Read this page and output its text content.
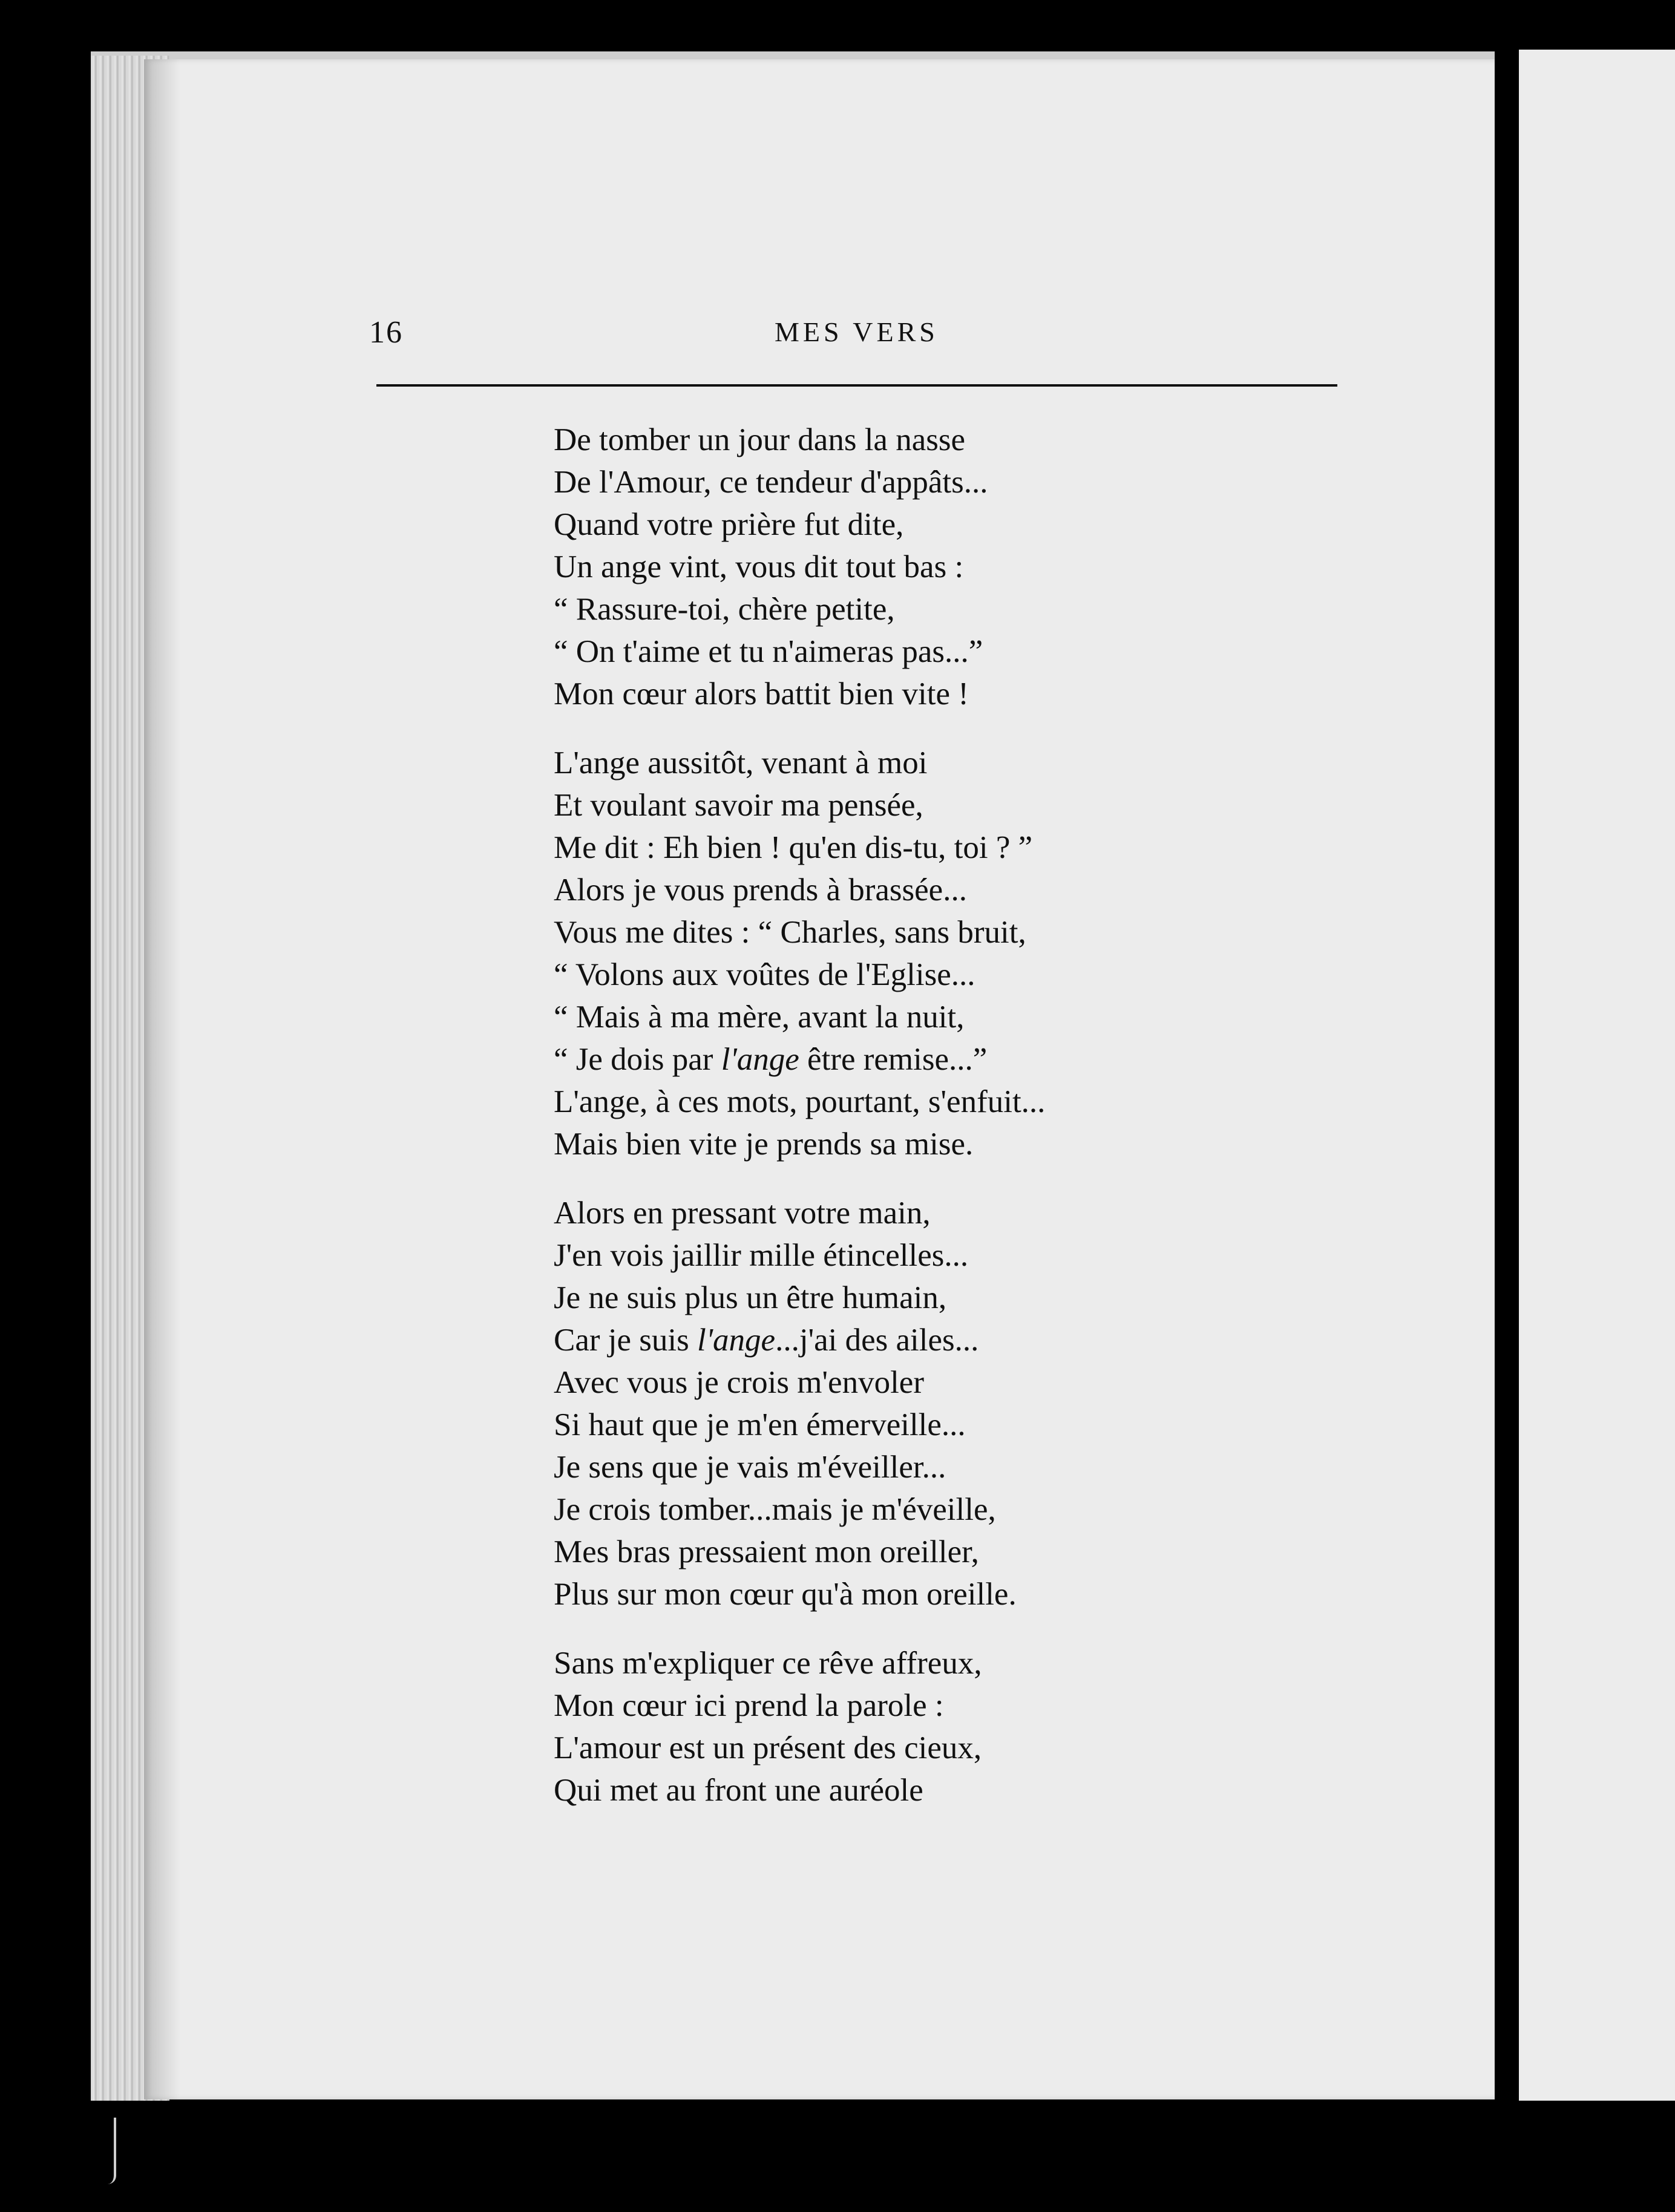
16	MES VERS
De tomber un jour dans la nasse
De l'Amour, ce tendeur d'appâts...
Quand votre prière fut dite,
Un ange vint, vous dit tout bas :
“ Rassure-toi, chère petite,
“ On t'aime et tu n'aimeras pas...”
Mon cœur alors battit bien vite !
L'ange aussitôt, venant à moi
Et voulant savoir ma pensée,
Me dit : Eh bien ! qu'en dis-tu, toi ? ”
Alors je vous prends à brassée...
Vous me dites : “ Charles, sans bruit,
“ Volons aux voûtes de l'Eglise...
“ Mais à ma mère, avant la nuit,
“ Je dois par l'ange être remise...”
L'ange, à ces mots, pourtant, s'enfuit...
Mais bien vite je prends sa mise.
Alors en pressant votre main,
J'en vois jaillir mille étincelles...
Je ne suis plus un être humain,
Car je suis l'ange...j'ai des ailes...
Avec vous je crois m'envoler
Si haut que je m'en émerveille...
Je sens que je vais m'éveiller...
Je crois tomber...mais je m'éveille,
Mes bras pressaient mon oreiller,
Plus sur mon cœur qu'à mon oreille.
Sans m'expliquer ce rêve affreux,
Mon cœur ici prend la parole :
L'amour est un présent des cieux,
Qui met au front une auréole
